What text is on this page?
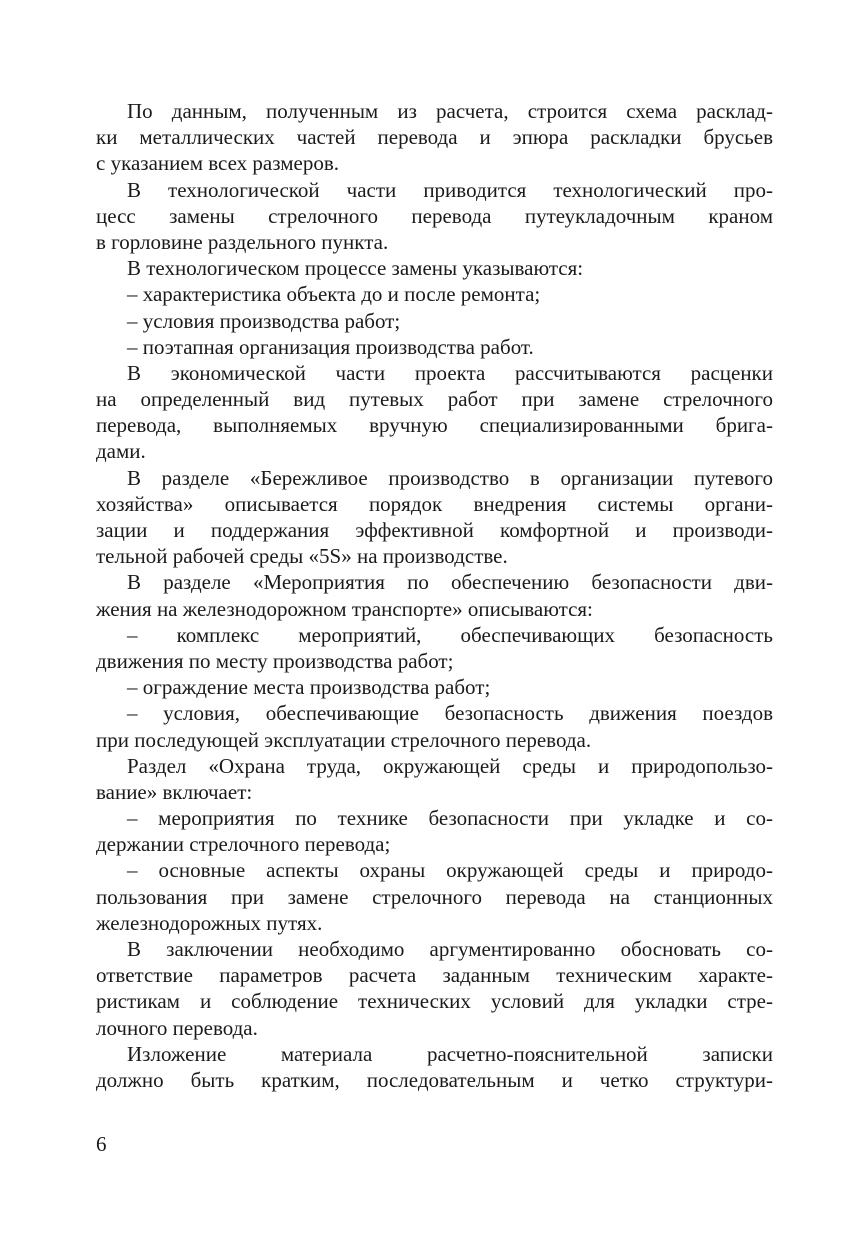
По данным, полученным из расчета, строится схема расклад-
ки металлических частей перевода и эпюра раскладки брусьев
с указанием всех размеров.
В технологической части приводится технологический про-
цесс замены стрелочного перевода путеукладочным краном
в горловине раздельного пункта.
В технологическом процессе замены указываются:
– характеристика объекта до и после ремонта;
– условия производства работ;
– поэтапная организация производства работ.
В экономической части проекта рассчитываются расценки
на определенный вид путевых работ при замене стрелочного
перевода, выполняемых вручную специализированными брига-
дами.
В разделе «Бережливое производство в организации путевого
хозяйства» описывается порядок внедрения системы органи-
зации и поддержания эффективной комфортной и производи-
тельной рабочей среды «5S» на производстве.
В разделе «Мероприятия по обеспечению безопасности дви-
жения на железнодорожном транспорте» описываются:
– комплекс мероприятий, обеспечивающих безопасность
движения по месту производства работ;
– ограждение места производства работ;
– условия, обеспечивающие безопасность движения поездов
при последующей эксплуатации стрелочного перевода.
Раздел «Охрана труда, окружающей среды и природопользо-
вание» включает:
– мероприятия по технике безопасности при укладке и со-
держании стрелочного перевода;
– основные аспекты охраны окружающей среды и природо-
пользования при замене стрелочного перевода на станционных
железнодорожных путях.
В заключении необходимо аргументированно обосновать со-
ответствие параметров расчета заданным техническим характе-
ристикам и соблюдение технических условий для укладки стре-
лочного перевода.
Изложение материала расчетно-пояснительной записки
должно быть кратким, последовательным и четко структури-
6
